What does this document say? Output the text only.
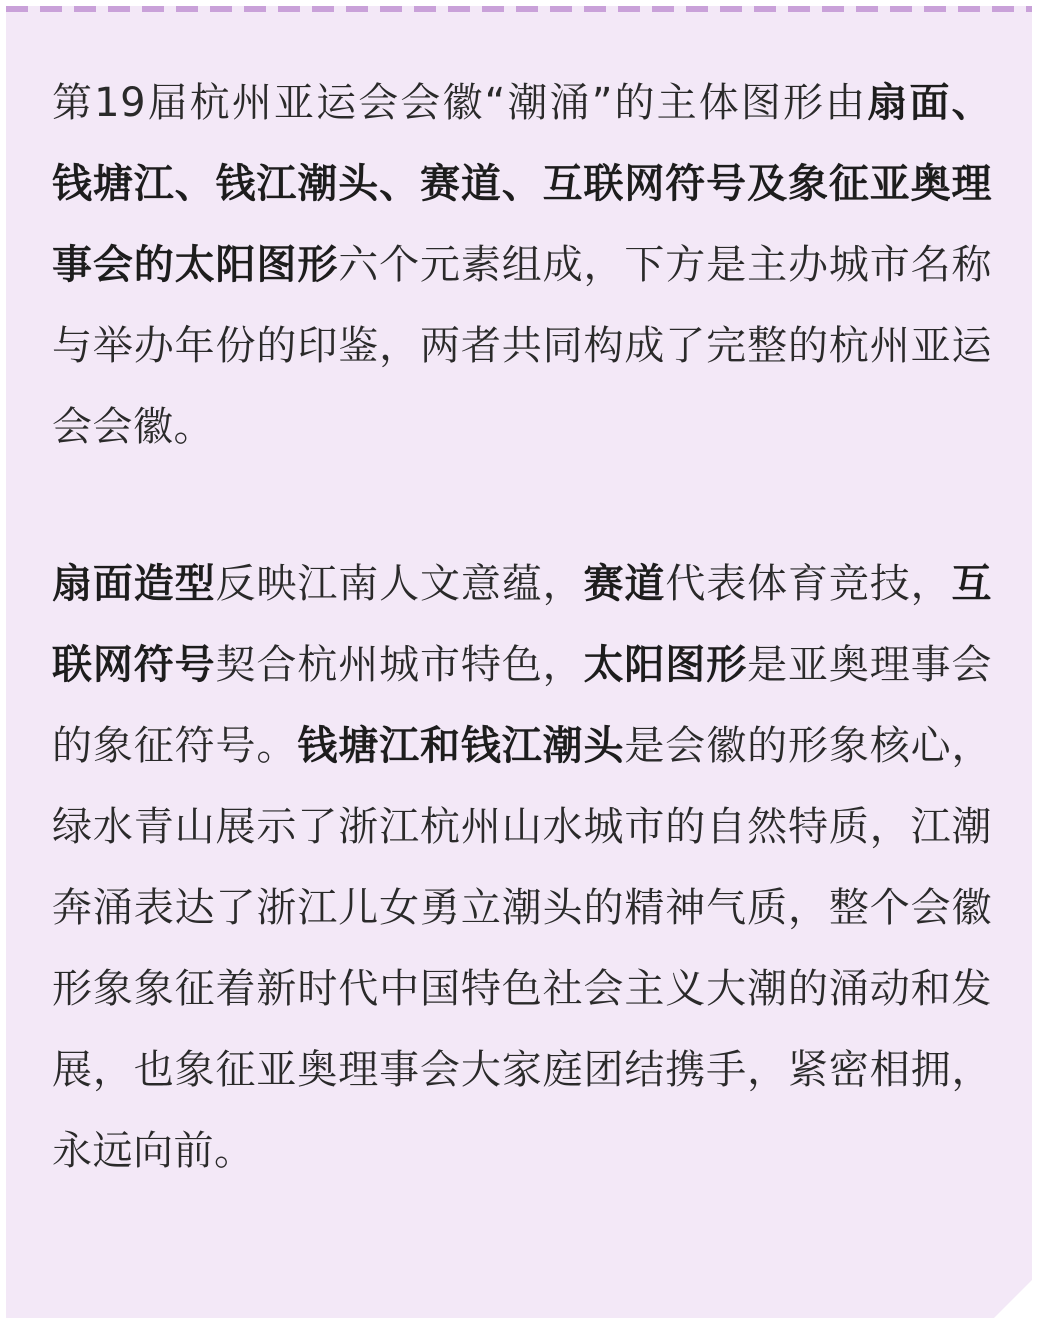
第19届杭州亚运会会徽“潮涌”的主体图形由扇面、钱塘江、钱江潮头、赛道、互联网符号及象征亚奥理事会的太阳图形六个元素组成，下方是主办城市名称与举办年份的印鉴，两者共同构成了完整的杭州亚运会会徽。

扇面造型反映江南人文意蕴，赛道代表体育竞技，互联网符号契合杭州城市特色，太阳图形是亚奥理事会的象征符号。钱塘江和钱江潮头是会徽的形象核心，绿水青山展示了浙江杭州山水城市的自然特质，江潮奔涌表达了浙江儿女勇立潮头的精神气质，整个会徽形象象征着新时代中国特色社会主义大潮的涌动和发展，也象征亚奥理事会大家庭团结携手，紧密相拥，永远向前。
